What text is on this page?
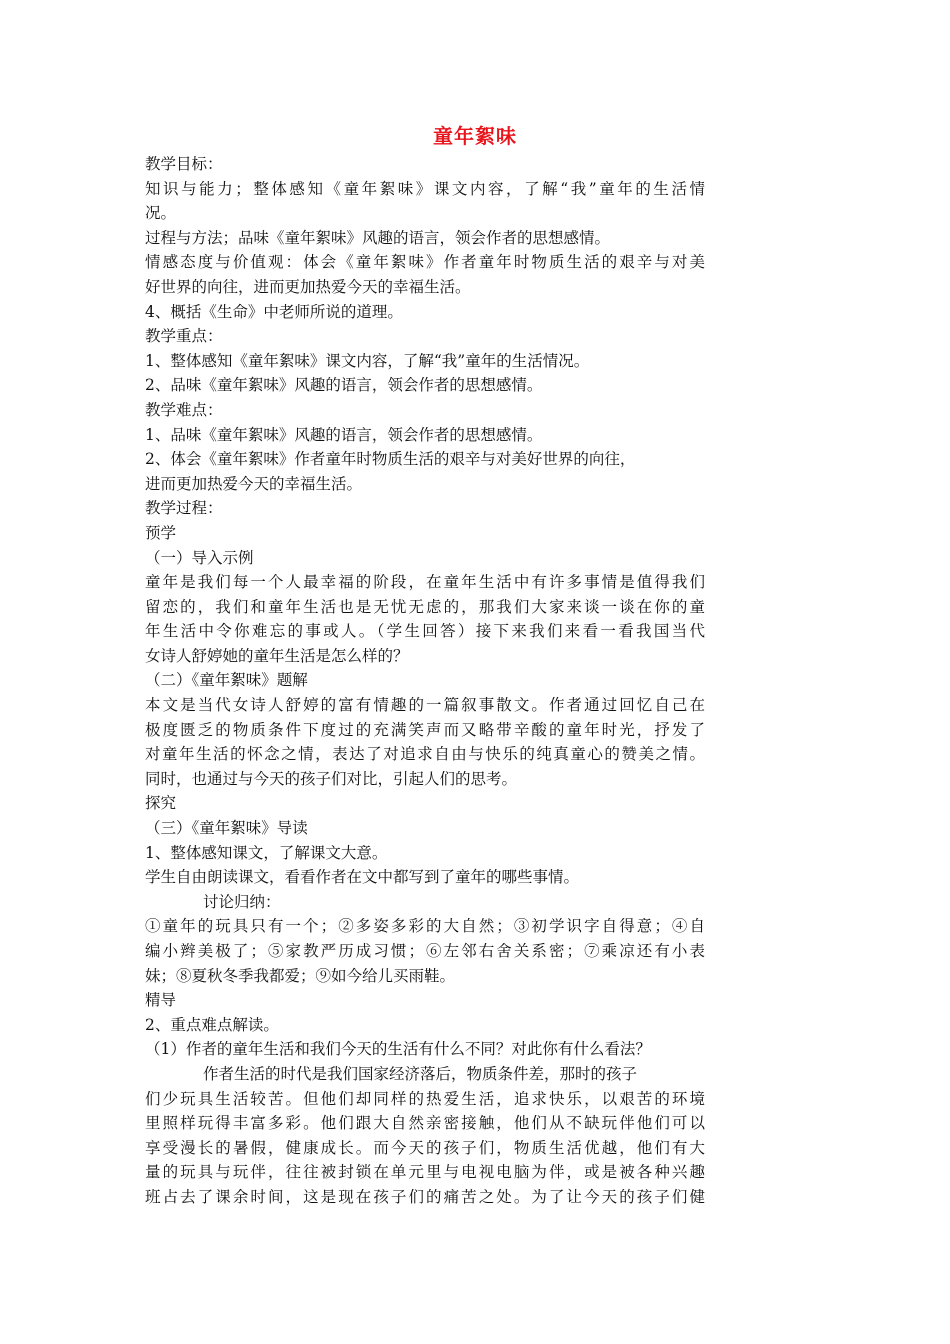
童年絮味
教学目标：
知识与能力；整体感知《童年絮味》课文内容，了解“我”童年的生活情
况。
过程与方法；品味《童年絮味》风趣的语言，领会作者的思想感情。
情感态度与价值观：体会《童年絮味》作者童年时物质生活的艰辛与对美
好世界的向往，进而更加热爱今天的幸福生活。
4、概括《生命》中老师所说的道理。
教学重点：
1、整体感知《童年絮味》课文内容，了解“我”童年的生活情况。
2、品味《童年絮味》风趣的语言，领会作者的思想感情。
教学难点：
1、品味《童年絮味》风趣的语言，领会作者的思想感情。
2、体会《童年絮味》作者童年时物质生活的艰辛与对美好世界的向往，
进而更加热爱今天的幸福生活。
教学过程：
预学
（一）导入示例
童年是我们每一个人最幸福的阶段，在童年生活中有许多事情是值得我们
留恋的，我们和童年生活也是无忧无虑的，那我们大家来谈一谈在你的童
年生活中令你难忘的事或人。（学生回答）接下来我们来看一看我国当代
女诗人舒婷她的童年生活是怎么样的？
（二）《童年絮味》题解
本文是当代女诗人舒婷的富有情趣的一篇叙事散文。作者通过回忆自己在
极度匮乏的物质条件下度过的充满笑声而又略带辛酸的童年时光，抒发了
对童年生活的怀念之情，表达了对追求自由与快乐的纯真童心的赞美之情。
同时，也通过与今天的孩子们对比，引起人们的思考。
探究
（三）《童年絮味》导读
1、整体感知课文，了解课文大意。
学生自由朗读课文，看看作者在文中都写到了童年的哪些事情。
讨论归纳：
①童年的玩具只有一个；②多姿多彩的大自然；③初学识字自得意；④自
编小辫美极了；⑤家教严历成习惯；⑥左邻右舍关系密；⑦乘凉还有小表
妹；⑧夏秋冬季我都爱；⑨如今给儿买雨鞋。
精导
2、重点难点解读。
（1）作者的童年生活和我们今天的生活有什么不同？对此你有什么看法？
作者生活的时代是我们国家经济落后，物质条件差，那时的孩子
们少玩具生活较苦。但他们却同样的热爱生活，追求快乐，以艰苦的环境
里照样玩得丰富多彩。他们跟大自然亲密接触，他们从不缺玩伴他们可以
享受漫长的暑假，健康成长。而今天的孩子们，物质生活优越，他们有大
量的玩具与玩伴，往往被封锁在单元里与电视电脑为伴，或是被各种兴趣
班占去了课余时间，这是现在孩子们的痛苦之处。为了让今天的孩子们健
